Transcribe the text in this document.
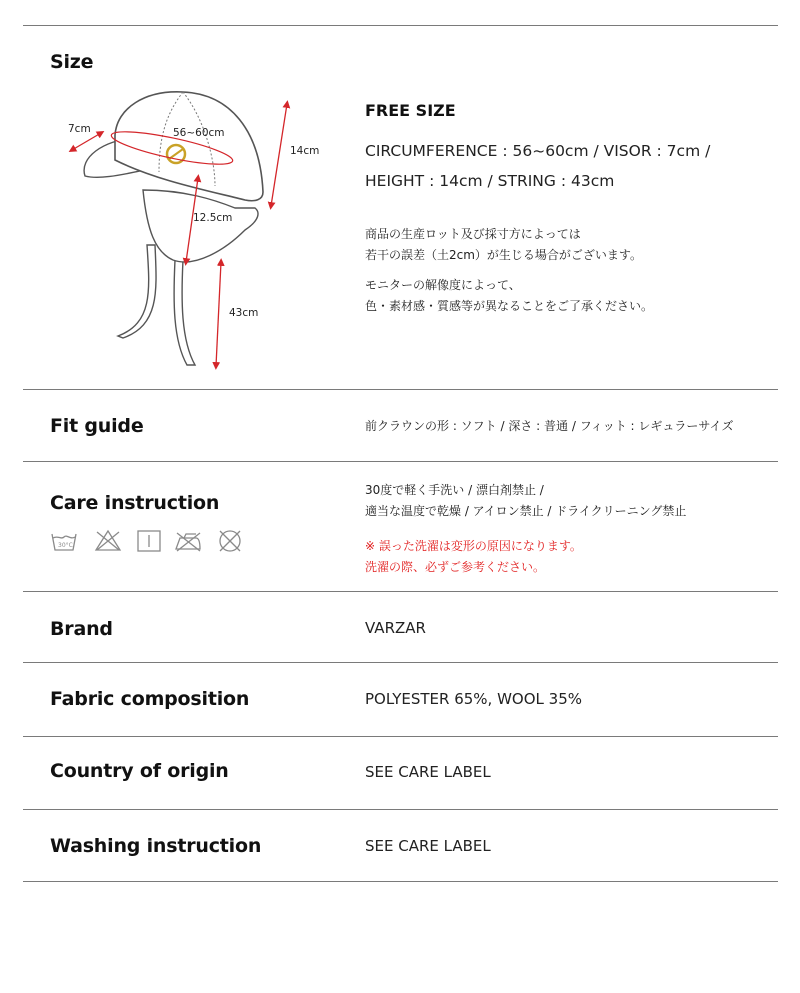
Size
7cm	56~60cm
14cm
12.5cm
43cm
FREE SIZE
CIRCUMFERENCE : 56~60cm / VISOR : 7cm /
HEIGHT : 14cm / STRING : 43cm
商品の生産ロット及び採寸方によっては
若干の誤差（土2cm）が生じる場合がございます。
モニターの解像度によって、
色・素材感・質感等が異なることをご了承ください。
Fit guide	前クラウンの形 : ソフト / 深さ : 普通 / フィット : レギュラーサイズ
Care instruction
30°C
30度で軽く手洗い / 漂白剤禁止 /
適当な温度で乾燥 / アイロン禁止 / ドライクリーニング禁止
※ 誤った洗濯は変形の原因になります。
洗濯の際、必ずご参考ください。
Brand	VARZAR
Fabric composition	POLYESTER 65%, WOOL 35%
Country of origin	SEE CARE LABEL
Washing instruction	SEE CARE LABEL
